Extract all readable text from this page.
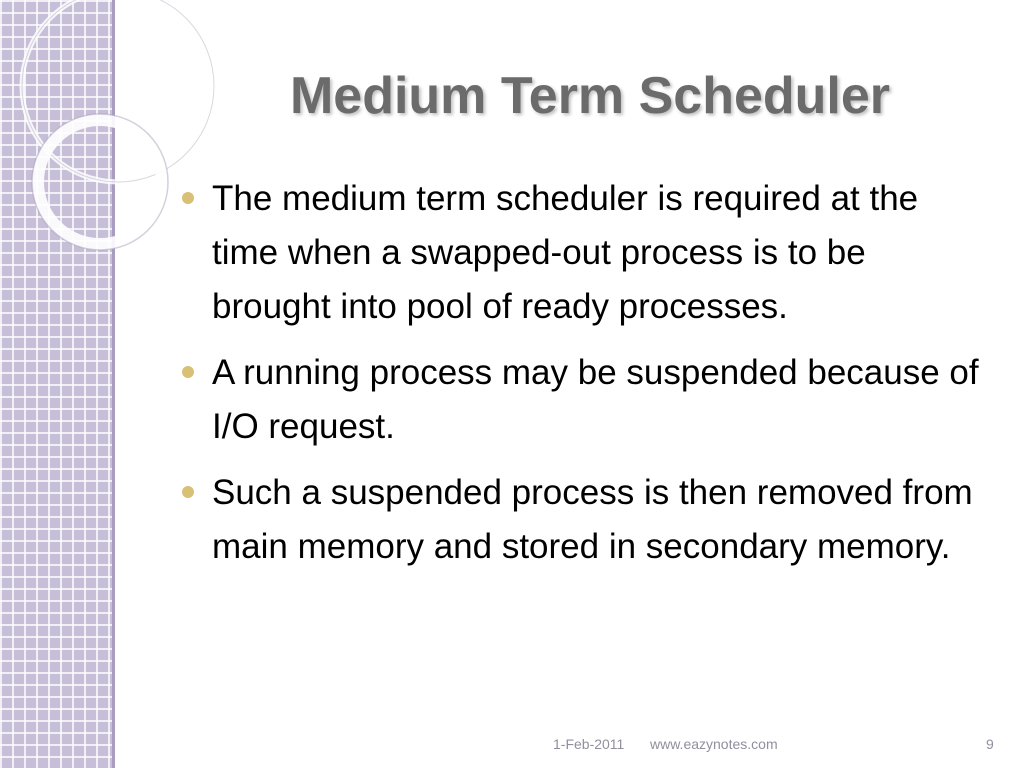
Medium Term Scheduler
The medium term scheduler is required at the time when a swapped-out process is to be brought into pool of ready processes.
A running process may be suspended because of I/O request.
Such a suspended process is then removed from main memory and stored in secondary memory.
1-Feb-2011 www.eazynotes.com	9
